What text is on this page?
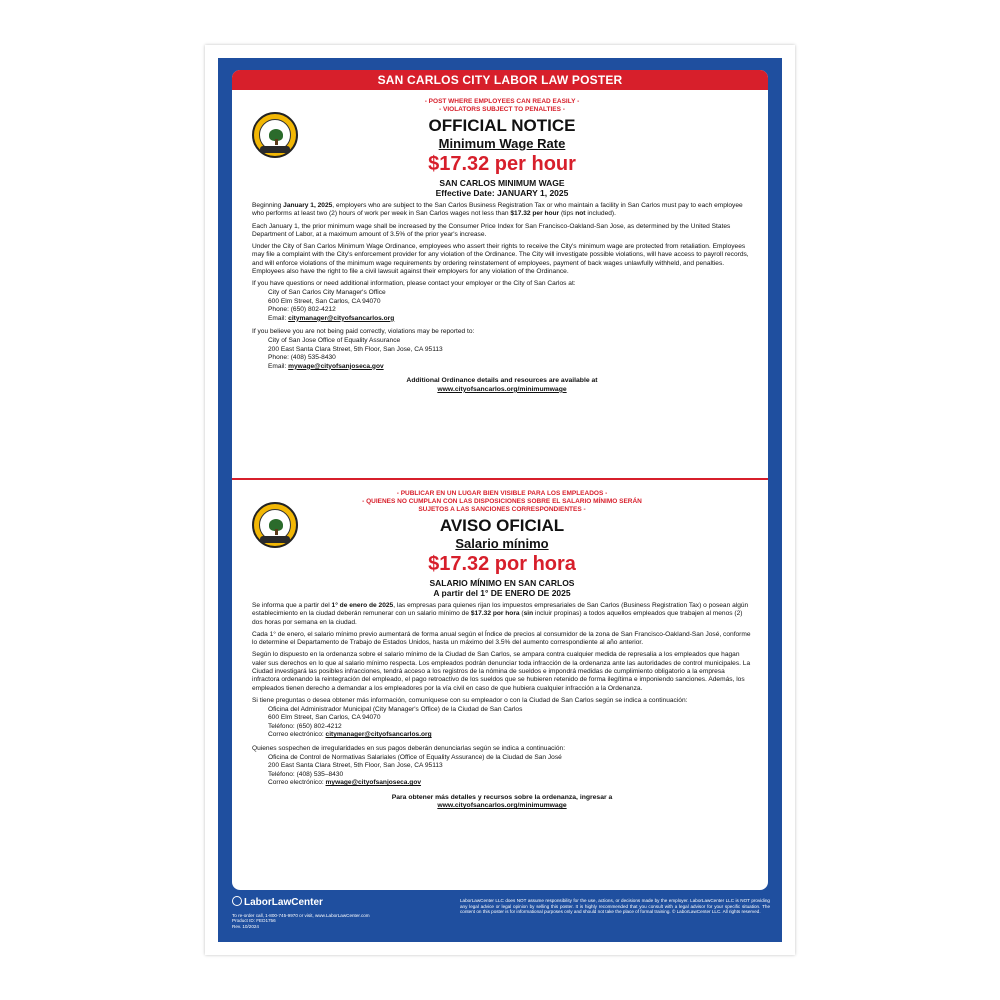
SAN CARLOS CITY LABOR LAW POSTER
- POST WHERE EMPLOYEES CAN READ EASILY -
- VIOLATORS SUBJECT TO PENALTIES -
OFFICIAL NOTICE
Minimum Wage Rate
$17.32 per hour
SAN CARLOS MINIMUM WAGE
Effective Date: JANUARY 1, 2025

Beginning January 1, 2025, employers who are subject to the San Carlos Business Registration Tax or who maintain a facility in San Carlos must pay to each employee who performs at least two (2) hours of work per week in San Carlos wages not less than $17.32 per hour (tips not included).

Each January 1, the prior minimum wage shall be increased by the Consumer Price Index for San Francisco-Oakland-San Jose, as determined by the United States Department of Labor, at a maximum amount of 3.5% of the prior year's increase.

Under the City of San Carlos Minimum Wage Ordinance, employees who assert their rights to receive the City's minimum wage are protected from retaliation. Employees may file a complaint with the City's enforcement provider for any violation of the Ordinance. The City will investigate possible violations, will have access to payroll records, and will enforce violations of the minimum wage requirements by ordering reinstatement of employees, payment of back wages unlawfully withheld, and penalties. Employees also have the right to file a civil lawsuit against their employers for any violation of the Ordinance.

If you have questions or need additional information, please contact your employer or the City of San Carlos at:
City of San Carlos City Manager's Office
600 Elm Street, San Carlos, CA 94070
Phone: (650) 802-4212
Email: citymanager@cityofsancarlos.org
If you believe you are not being paid correctly, violations may be reported to:
City of San Jose Office of Equality Assurance
200 East Santa Clara Street, 5th Floor, San Jose, CA 95113
Phone: (408) 535-8430
Email: mywage@cityofsanjoseca.gov
Additional Ordinance details and resources are available at
www.cityofsancarlos.org/minimumwage
- PUBLICAR EN UN LUGAR BIEN VISIBLE PARA LOS EMPLEADOS -
- QUIENES NO CUMPLAN CON LAS DISPOSICIONES SOBRE EL SALARIO MÍNIMO SERÁN
SUJETOS A LAS SANCIONES CORRESPONDIENTES -
AVISO OFICIAL
Salario mínimo
$17.32 por hora
SALARIO MÍNIMO EN SAN CARLOS
A partir del 1° DE ENERO DE 2025

Se informa que a partir del 1° de enero de 2025, las empresas para quienes rijan los impuestos empresariales de San Carlos (Business Registration Tax) o posean algún establecimiento en la ciudad deberán remunerar con un salario mínimo de $17.32 por hora (sin incluir propinas) a todos aquellos empleados que trabajen al menos (2) dos horas por semana en la ciudad.

Cada 1° de enero, el salario mínimo previo aumentará de forma anual según el Índice de precios al consumidor de la zona de San Francisco-Oakland-San José, conforme lo determine el Departamento de Trabajo de Estados Unidos, hasta un máximo del 3.5% del aumento correspondiente al año anterior.

Según lo dispuesto en la ordenanza sobre el salario mínimo de la Ciudad de San Carlos, se ampara contra cualquier medida de represalia a los empleados que hagan valer sus derechos en lo que al salario mínimo respecta. Los empleados podrán denunciar toda infracción de la ordenanza ante las autoridades de control municipales. La Ciudad investigará las posibles infracciones, tendrá acceso a los registros de la nómina de sueldos e impondrá medidas de cumplimiento obligatorio a la empresa infractora ordenando la reintegración del empleado, el pago retroactivo de los sueldos que se hubieren retenido de forma ilegítima e imponiendo sanciones. Además, los empleados tienen derecho a demandar a los empleadores por la vía civil en caso de que hubiera cualquier infracción a la Ordenanza.

Si tiene preguntas o desea obtener más información, comuníquese con su empleador o con la Ciudad de San Carlos según se indica a continuación:
Oficina del Administrador Municipal (City Manager's Office) de la Ciudad de San Carlos
600 Elm Street, San Carlos, CA 94070
Teléfono: (650) 802-4212
Correo electrónico: citymanager@cityofsancarlos.org
Quienes sospechen de irregularidades en sus pagos deberán denunciarlas según se indica a continuación:
Oficina de Control de Normativas Salariales (Office of Equality Assurance) de la Ciudad de San José
200 East Santa Clara Street, 5th Floor, San Jose, CA 95113
Teléfono: (408) 535–8430
Correo electrónico: mywage@cityofsanjoseca.gov
Para obtener más detalles y recursos sobre la ordenanza, ingresar a
www.cityofsancarlos.org/minimumwage
LaborLawCenter
To re-order call, 1-800-745-9970 or visit, www.LaborLawCenter.com
Product ID: FED1756
Rev. 10/2024
LaborLawCenter LLC does NOT assume responsibility for the use, actions, or decisions made by the employer. LaborLawCenter LLC is NOT providing any legal advice or legal opinion by selling this poster. It is highly recommended that you consult with a legal advisor for your specific situation. The content on this poster is for informational purposes only and should not take the place of formal training. © LaborLawCenter LLC. All rights reserved.
